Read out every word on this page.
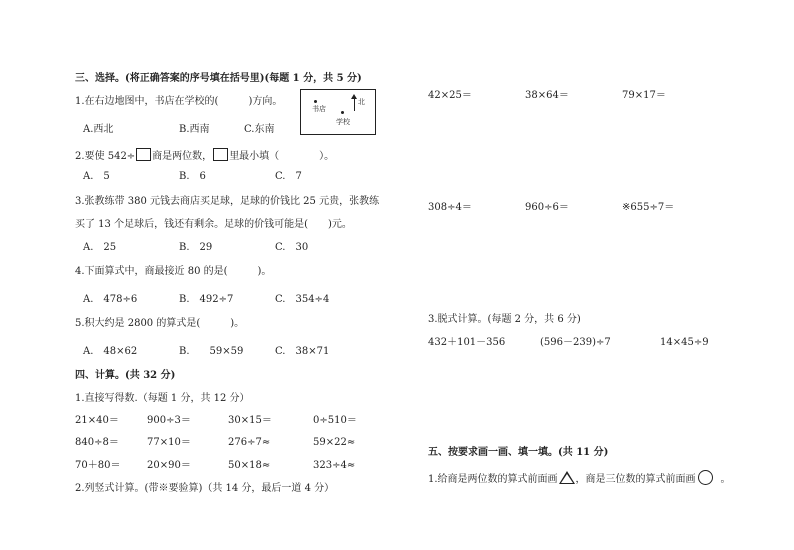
三、选择。(将正确答案的序号填在括号里)(每题 1 分，共 5 分)
1.在右边地图中，书店在学校的(　　　)方向。
书店
学校
北
A.西北	B.西南	C.东南
2.要使 542÷ 商是两位数， 里最小填（　　　　）。
A.　5	B.　6	C.　7
3.张教练带 380 元钱去商店买足球，足球的价钱比 25 元贵，张教练
买了 13 个足球后，钱还有剩余。足球的价钱可能是(　　)元。
A.　25	B.　29	C.　30
4.下面算式中，商最接近 80 的是(　　　)。
A.　478÷6	B.　492÷7	C.　354÷4
5.积大约是 2800 的算式是(　　　)。
A.　48×62	B.　　59×59	C.　38×71
四、计算。(共 32 分)
1.直接写得数.（每题 1 分，共 12 分）
21×40＝	900÷3＝	30×15＝	0÷510＝
840÷8＝	77×10＝	276÷7≈	59×22≈
70＋80＝	20×90＝	50×18≈	323÷4≈
2.列竖式计算。(带※要验算)（共 14 分，最后一道 4 分）
42×25＝	38×64＝	79×17＝
308÷4＝	960÷6＝	※655÷7＝
3.脱式计算。(每题 2 分，共 6 分)
432＋101－356	(596－239)÷7	14×45÷9
五、按要求画一画、填一填。(共 11 分)
1.给商是两位数的算式前面画 ，商是三位数的算式前面画	。
